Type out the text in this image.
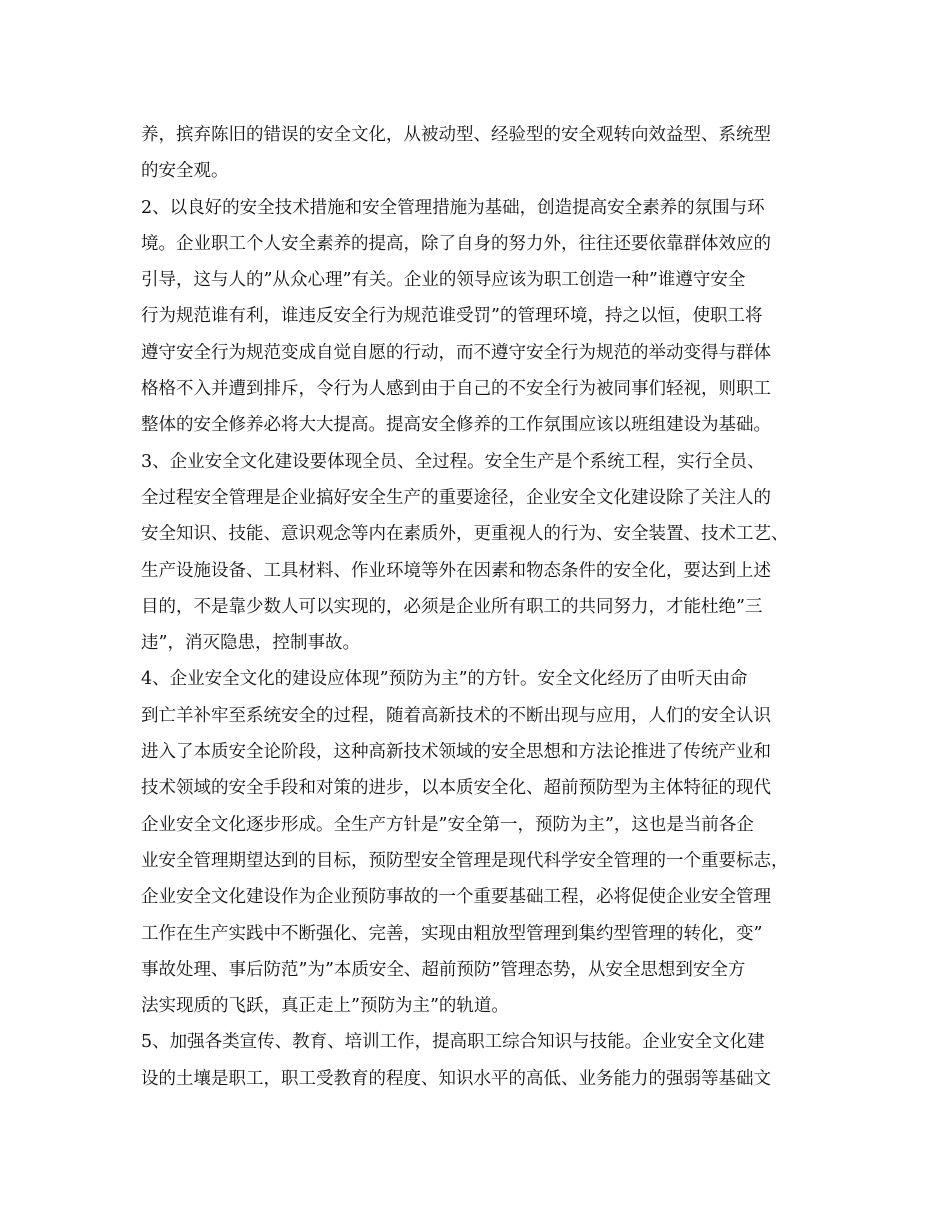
养，摈弃陈旧的错误的安全文化，从被动型、经验型的安全观转向效益型、系统型
的安全观。
2、以良好的安全技术措施和安全管理措施为基础，创造提高安全素养的氛围与环
境。企业职工个人安全素养的提高，除了自身的努力外，往往还要依靠群体效应的
引导，这与人的”从众心理”有关。企业的领导应该为职工创造一种”谁遵守安全
行为规范谁有利，谁违反安全行为规范谁受罚”的管理环境，持之以恒，使职工将
遵守安全行为规范变成自觉自愿的行动，而不遵守安全行为规范的举动变得与群体
格格不入并遭到排斥，令行为人感到由于自己的不安全行为被同事们轻视，则职工
整体的安全修养必将大大提高。提高安全修养的工作氛围应该以班组建设为基础。
3、企业安全文化建设要体现全员、全过程。安全生产是个系统工程，实行全员、
全过程安全管理是企业搞好安全生产的重要途径，企业安全文化建设除了关注人的
安全知识、技能、意识观念等内在素质外，更重视人的行为、安全装置、技术工艺、
生产设施设备、工具材料、作业环境等外在因素和物态条件的安全化，要达到上述
目的，不是靠少数人可以实现的，必须是企业所有职工的共同努力，才能杜绝”三
违”，消灭隐患，控制事故。
4、企业安全文化的建设应体现”预防为主”的方针。安全文化经历了由听天由命
到亡羊补牢至系统安全的过程，随着高新技术的不断出现与应用，人们的安全认识
进入了本质安全论阶段，这种高新技术领域的安全思想和方法论推进了传统产业和
技术领域的安全手段和对策的进步，以本质安全化、超前预防型为主体特征的现代
企业安全文化逐步形成。全生产方针是”安全第一，预防为主”，这也是当前各企
业安全管理期望达到的目标，预防型安全管理是现代科学安全管理的一个重要标志，
企业安全文化建设作为企业预防事故的一个重要基础工程，必将促使企业安全管理
工作在生产实践中不断强化、完善，实现由粗放型管理到集约型管理的转化，变”
事故处理、事后防范”为”本质安全、超前预防”管理态势，从安全思想到安全方
法实现质的飞跃，真正走上”预防为主”的轨道。
5、加强各类宣传、教育、培训工作，提高职工综合知识与技能。企业安全文化建
设的土壤是职工，职工受教育的程度、知识水平的高低、业务能力的强弱等基础文
